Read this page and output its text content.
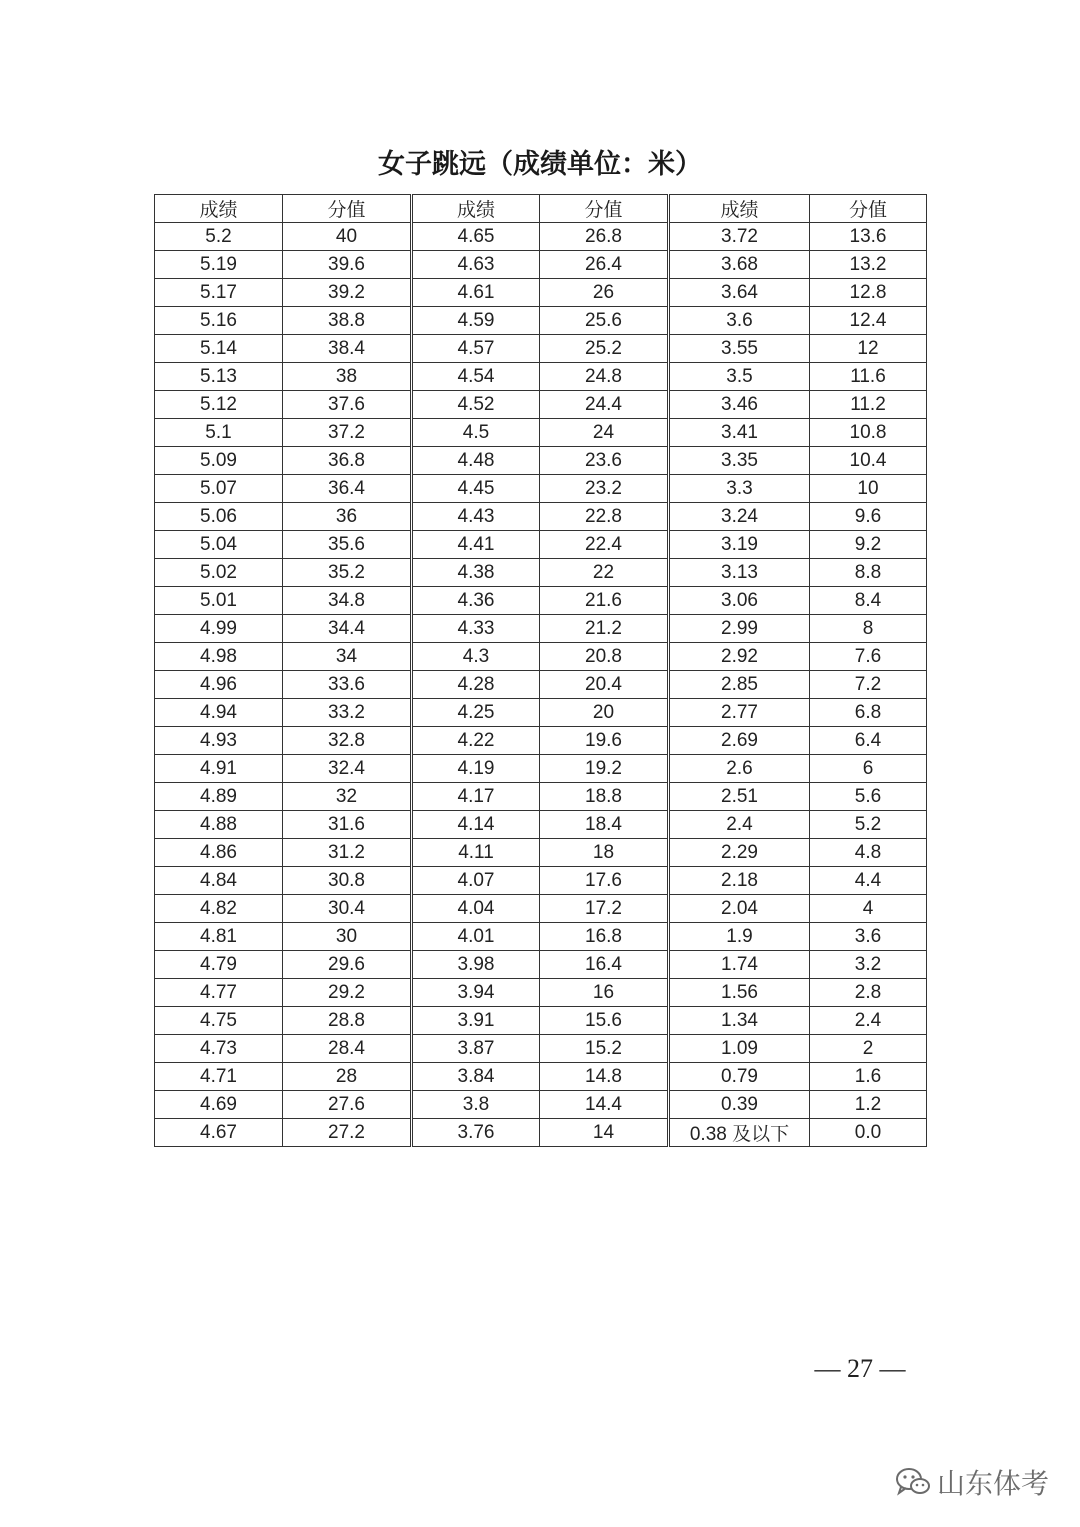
女子跳远（成绩单位：米）
成绩	分值	成绩	分值	成绩	分值
5.2	40	4.65	26.8	3.72	13.6
5.19	39.6	4.63	26.4	3.68	13.2
5.17	39.2	4.61	26	3.64	12.8
5.16	38.8	4.59	25.6	3.6	12.4
5.14	38.4	4.57	25.2	3.55	12
5.13	38	4.54	24.8	3.5	11.6
5.12	37.6	4.52	24.4	3.46	11.2
5.1	37.2	4.5	24	3.41	10.8
5.09	36.8	4.48	23.6	3.35	10.4
5.07	36.4	4.45	23.2	3.3	10
5.06	36	4.43	22.8	3.24	9.6
5.04	35.6	4.41	22.4	3.19	9.2
5.02	35.2	4.38	22	3.13	8.8
5.01	34.8	4.36	21.6	3.06	8.4
4.99	34.4	4.33	21.2	2.99	8
4.98	34	4.3	20.8	2.92	7.6
4.96	33.6	4.28	20.4	2.85	7.2
4.94	33.2	4.25	20	2.77	6.8
4.93	32.8	4.22	19.6	2.69	6.4
4.91	32.4	4.19	19.2	2.6	6
4.89	32	4.17	18.8	2.51	5.6
4.88	31.6	4.14	18.4	2.4	5.2
4.86	31.2	4.11	18	2.29	4.8
4.84	30.8	4.07	17.6	2.18	4.4
4.82	30.4	4.04	17.2	2.04	4
4.81	30	4.01	16.8	1.9	3.6
4.79	29.6	3.98	16.4	1.74	3.2
4.77	29.2	3.94	16	1.56	2.8
4.75	28.8	3.91	15.6	1.34	2.4
4.73	28.4	3.87	15.2	1.09	2
4.71	28	3.84	14.8	0.79	1.6
4.69	27.6	3.8	14.4	0.39	1.2
4.67	27.2	3.76	14	0.38 及以下	0.0
— 27 —
山东体考
